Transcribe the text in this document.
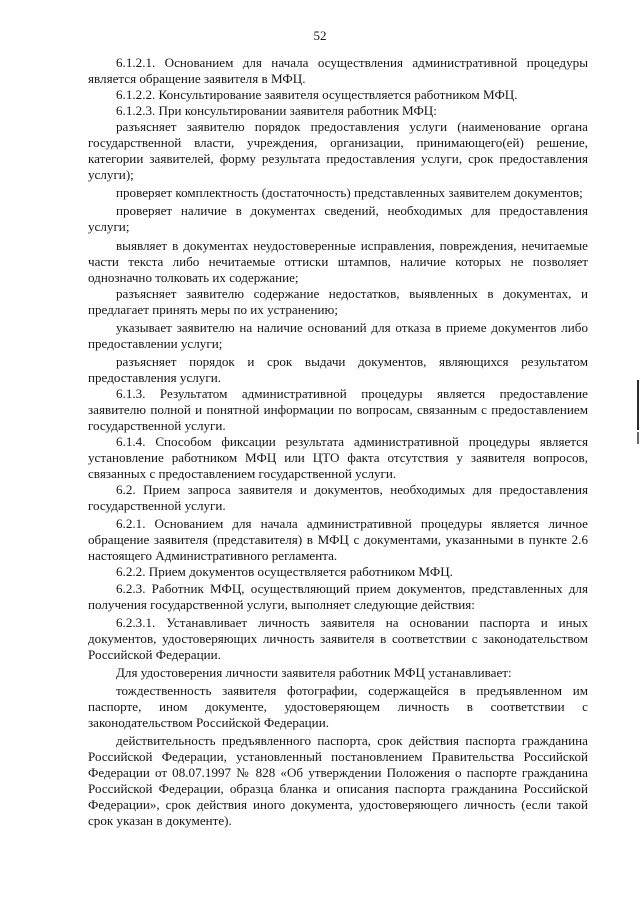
52

6.1.2.1. Основанием для начала осуществления административной процедуры является обращение заявителя в МФЦ.

6.1.2.2. Консультирование заявителя осуществляется работником МФЦ.

6.1.2.3. При консультировании заявителя работник МФЦ:

разъясняет заявителю порядок предоставления услуги (наименование органа государственной власти, учреждения, организации, принимающего(ей) решение, категории заявителей, форму результата предоставления услуги, срок предоставления услуги);

проверяет комплектность (достаточность) представленных заявителем документов;

проверяет наличие в документах сведений, необходимых для предоставления услуги;

выявляет в документах неудостоверенные исправления, повреждения, нечитаемые части текста либо нечитаемые оттиски штампов, наличие которых не позволяет однозначно толковать их содержание;

разъясняет заявителю содержание недостатков, выявленных в документах, и предлагает принять меры по их устранению;

указывает заявителю на наличие оснований для отказа в приеме документов либо предоставлении услуги;

разъясняет порядок и срок выдачи документов, являющихся результатом предоставления услуги.

6.1.3. Результатом административной процедуры является предоставление заявителю полной и понятной информации по вопросам, связанным с предоставлением государственной услуги.

6.1.4. Способом фиксации результата административной процедуры является установление работником МФЦ или ЦТО факта отсутствия у заявителя вопросов, связанных с предоставлением государственной услуги.

6.2. Прием запроса заявителя и документов, необходимых для предоставления государственной услуги.

6.2.1. Основанием для начала административной процедуры является личное обращение заявителя (представителя) в МФЦ с документами, указанными в пункте 2.6 настоящего Административного регламента.

6.2.2. Прием документов осуществляется работником МФЦ.

6.2.3. Работник МФЦ, осуществляющий прием документов, представленных для получения государственной услуги, выполняет следующие действия:

6.2.3.1. Устанавливает личность заявителя на основании паспорта и иных документов, удостоверяющих личность заявителя в соответствии с законодательством Российской Федерации.

Для удостоверения личности заявителя работник МФЦ устанавливает:

тождественность заявителя фотографии, содержащейся в предъявленном им паспорте, ином документе, удостоверяющем личность в соответствии с законодательством Российской Федерации.

действительность предъявленного паспорта, срок действия паспорта гражданина Российской Федерации, установленный постановлением Правительства Российской Федерации от 08.07.1997 № 828 «Об утверждении Положения о паспорте гражданина Российской Федерации, образца бланка и описания паспорта гражданина Российской Федерации», срок действия иного документа, удостоверяющего личность (если такой срок указан в документе).
